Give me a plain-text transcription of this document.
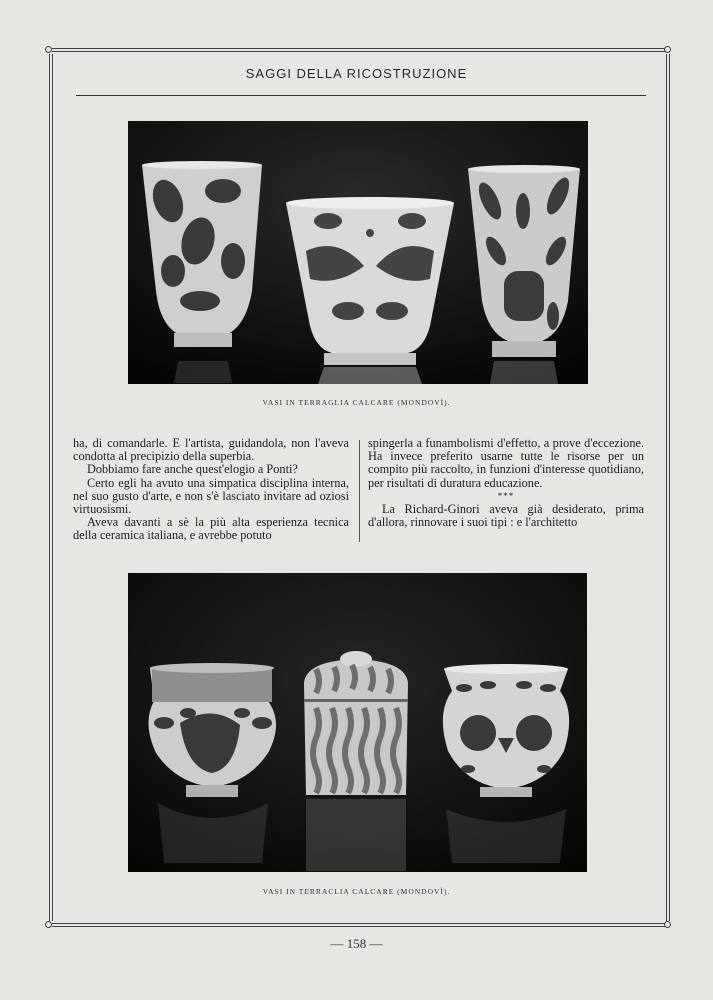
SAGGI DELLA RICOSTRUZIONE
VASI IN TERRAGLIA CALCARE (MONDOVÌ).

ha, di comandarle. E l'artista, guidandola, non l'aveva condotta al precipizio della superbia.

Dobbiamo fare anche quest'elogio a Ponti?

Certo egli ha avuto una simpatica disciplina interna, nel suo gusto d'arte, e non s'è lasciato invitare ad oziosi virtuosismi.

Aveva davanti a sè la più alta esperienza tecnica della ceramica italiana, e avrebbe potuto

spingerla a funambolismi d'effetto, a prove d'eccezione. Ha invece preferito usarne tutte le risorse per un compito più raccolto, in funzioni d'interesse quotidiano, per risultati di duratura educazione.

***

La Richard-Ginori aveva già desiderato, prima d'allora, rinnovare i suoi tipi : e l'architetto

VASI IN TERRACLIA CALCARE (MONDOVÌ).
— 158 —
